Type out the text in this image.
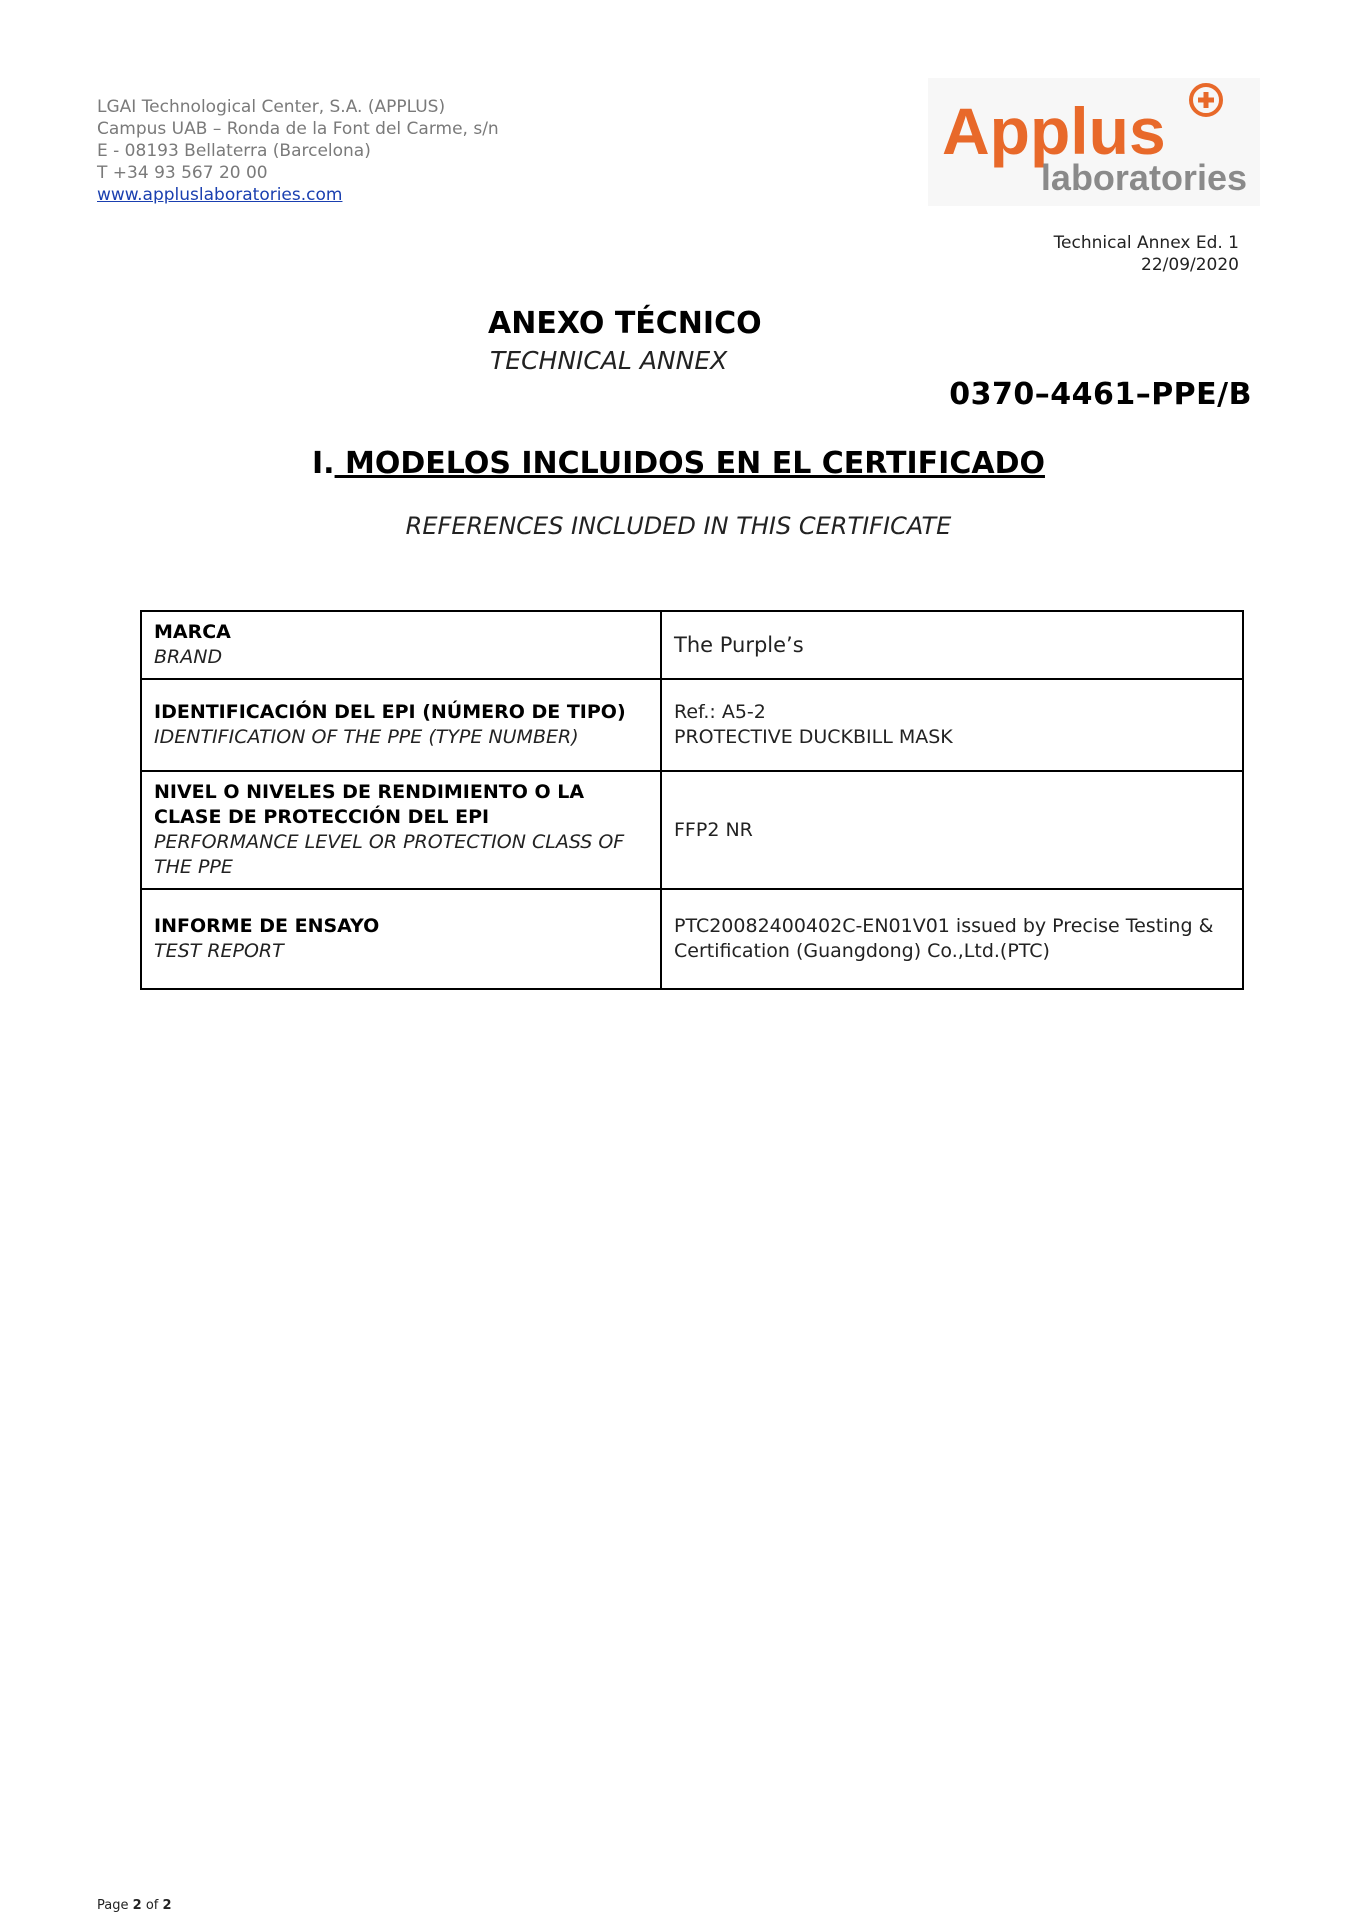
LGAI Technological Center, S.A. (APPLUS)
Campus UAB – Ronda de la Font del Carme, s/n
E - 08193 Bellaterra (Barcelona)
T +34 93 567 20 00
www.appluslaboratories.com
Applus
laboratories
Technical Annex Ed. 1
22/09/2020
ANEXO TÉCNICO
TECHNICAL ANNEX
0370–4461–PPE/B
I. MODELOS INCLUIDOS EN EL CERTIFICADO
REFERENCES INCLUDED IN THIS CERTIFICATE
MARCA
BRAND	The Purple’s

IDENTIFICACIÓN DEL EPI (NÚMERO DE TIPO)
IDENTIFICATION OF THE PPE (TYPE NUMBER)	Ref.: A5-2
PROTECTIVE DUCKBILL MASK

NIVEL O NIVELES DE RENDIMIENTO O LA CLASE DE PROTECCIÓN DEL EPI
PERFORMANCE LEVEL OR PROTECTION CLASS OF THE PPE	FFP2 NR

INFORME DE ENSAYO
TEST REPORT	PTC20082400402C-EN01V01 issued by Precise Testing & Certification (Guangdong) Co.,Ltd.(PTC)
Page 2 of 2
